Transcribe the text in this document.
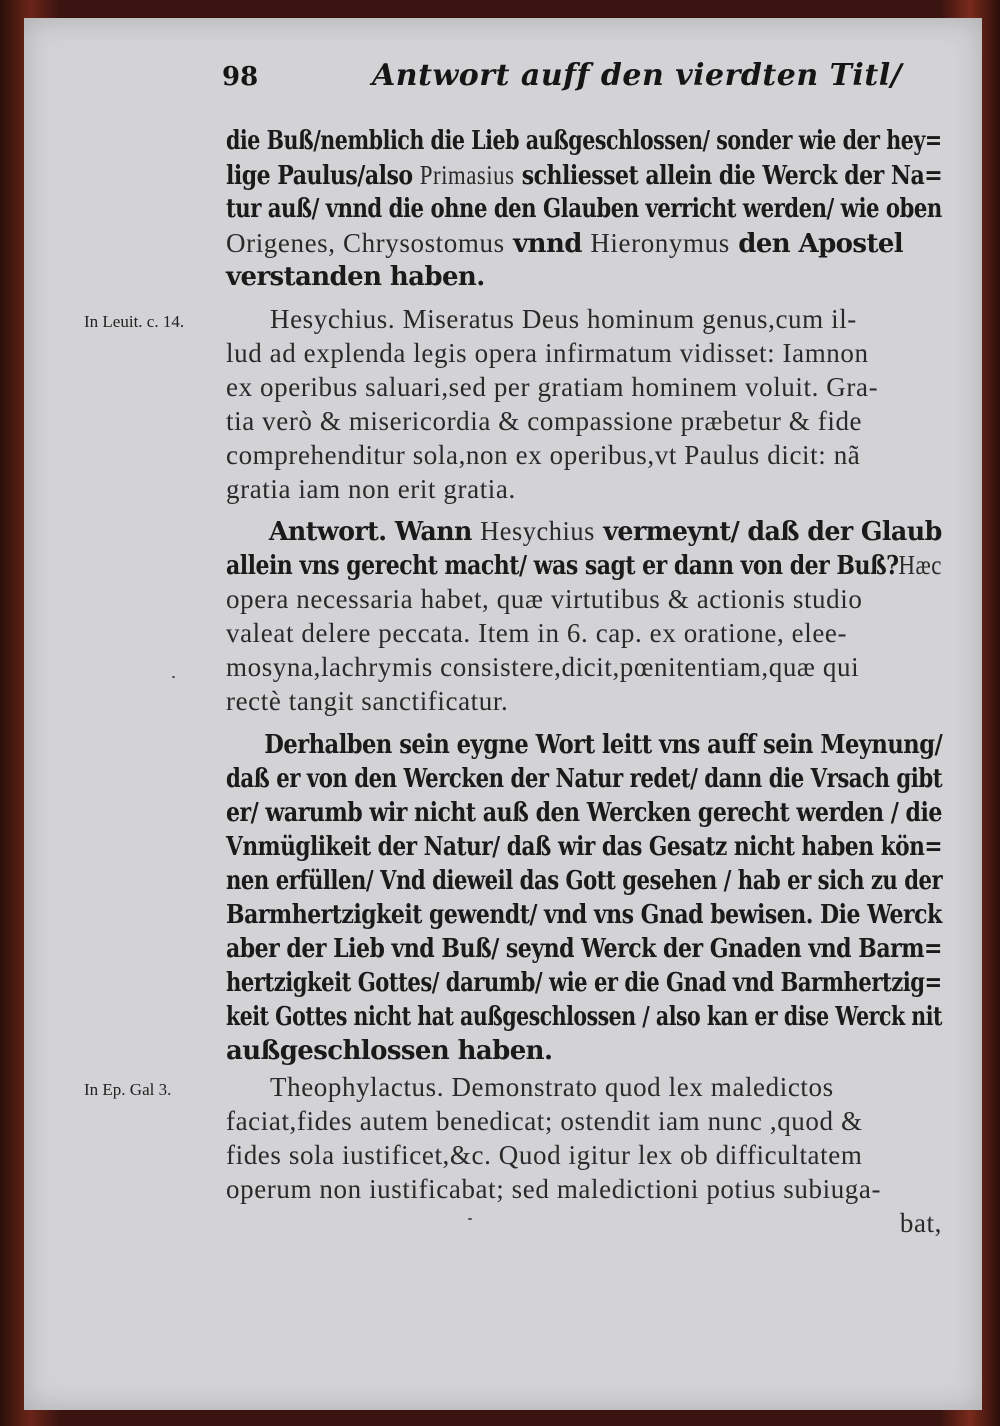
98	Antwort auff den vierdten Titl/
die Buß/nemblich die Lieb außgeschlossen/ sonder wie der hey=
lige Paulus/also Primasius schliesset allein die Werck der Na=
tur auß/ vnnd die ohne den Glauben verricht werden/ wie oben
Origenes, Chrysostomus vnnd Hieronymus den Apostel
verstanden haben.
In Leuit. c. 14.	Hesychius. Miseratus Deus hominum genus,cum il-
lud ad explenda legis opera infirmatum vidisset: Iamnon
ex operibus saluari,sed per gratiam hominem voluit. Gra-
tia verò & misericordia & compassione præbetur & fide
comprehenditur sola,non ex operibus,vt Paulus dicit: nã
gratia iam non erit gratia.
Antwort. Wann Hesychius vermeynt/ daß der Glaub
allein vns gerecht macht/ was sagt er dann von der Buß?Hæc
opera necessaria habet, quæ virtutibus & actionis studio
valeat delere peccata. Item in 6. cap. ex oratione, elee-
mosyna,lachrymis consistere,dicit,pœnitentiam,quæ qui
rectè tangit sanctificatur.
Derhalben sein eygne Wort leitt vns auff sein Meynung/
daß er von den Wercken der Natur redet/ dann die Vrsach gibt
er/ warumb wir nicht auß den Wercken gerecht werden / die
Vnmüglikeit der Natur/ daß wir das Gesatz nicht haben kön=
nen erfüllen/ Vnd dieweil das Gott gesehen / hab er sich zu der
Barmhertzigkeit gewendt/ vnd vns Gnad bewisen. Die Werck
aber der Lieb vnd Buß/ seynd Werck der Gnaden vnd Barm=
hertzigkeit Gottes/ darumb/ wie er die Gnad vnd Barmhertzig=
keit Gottes nicht hat außgeschlossen / also kan er dise Werck nit
außgeschlossen haben.
In Ep. Gal 3.	Theophylactus. Demonstrato quod lex maledictos
faciat,fides autem benedicat; ostendit iam nunc ,quod &
fides sola iustificet,&c. Quod igitur lex ob difficultatem
operum non iustificabat; sed maledictioni potius subiuga-
bat,
